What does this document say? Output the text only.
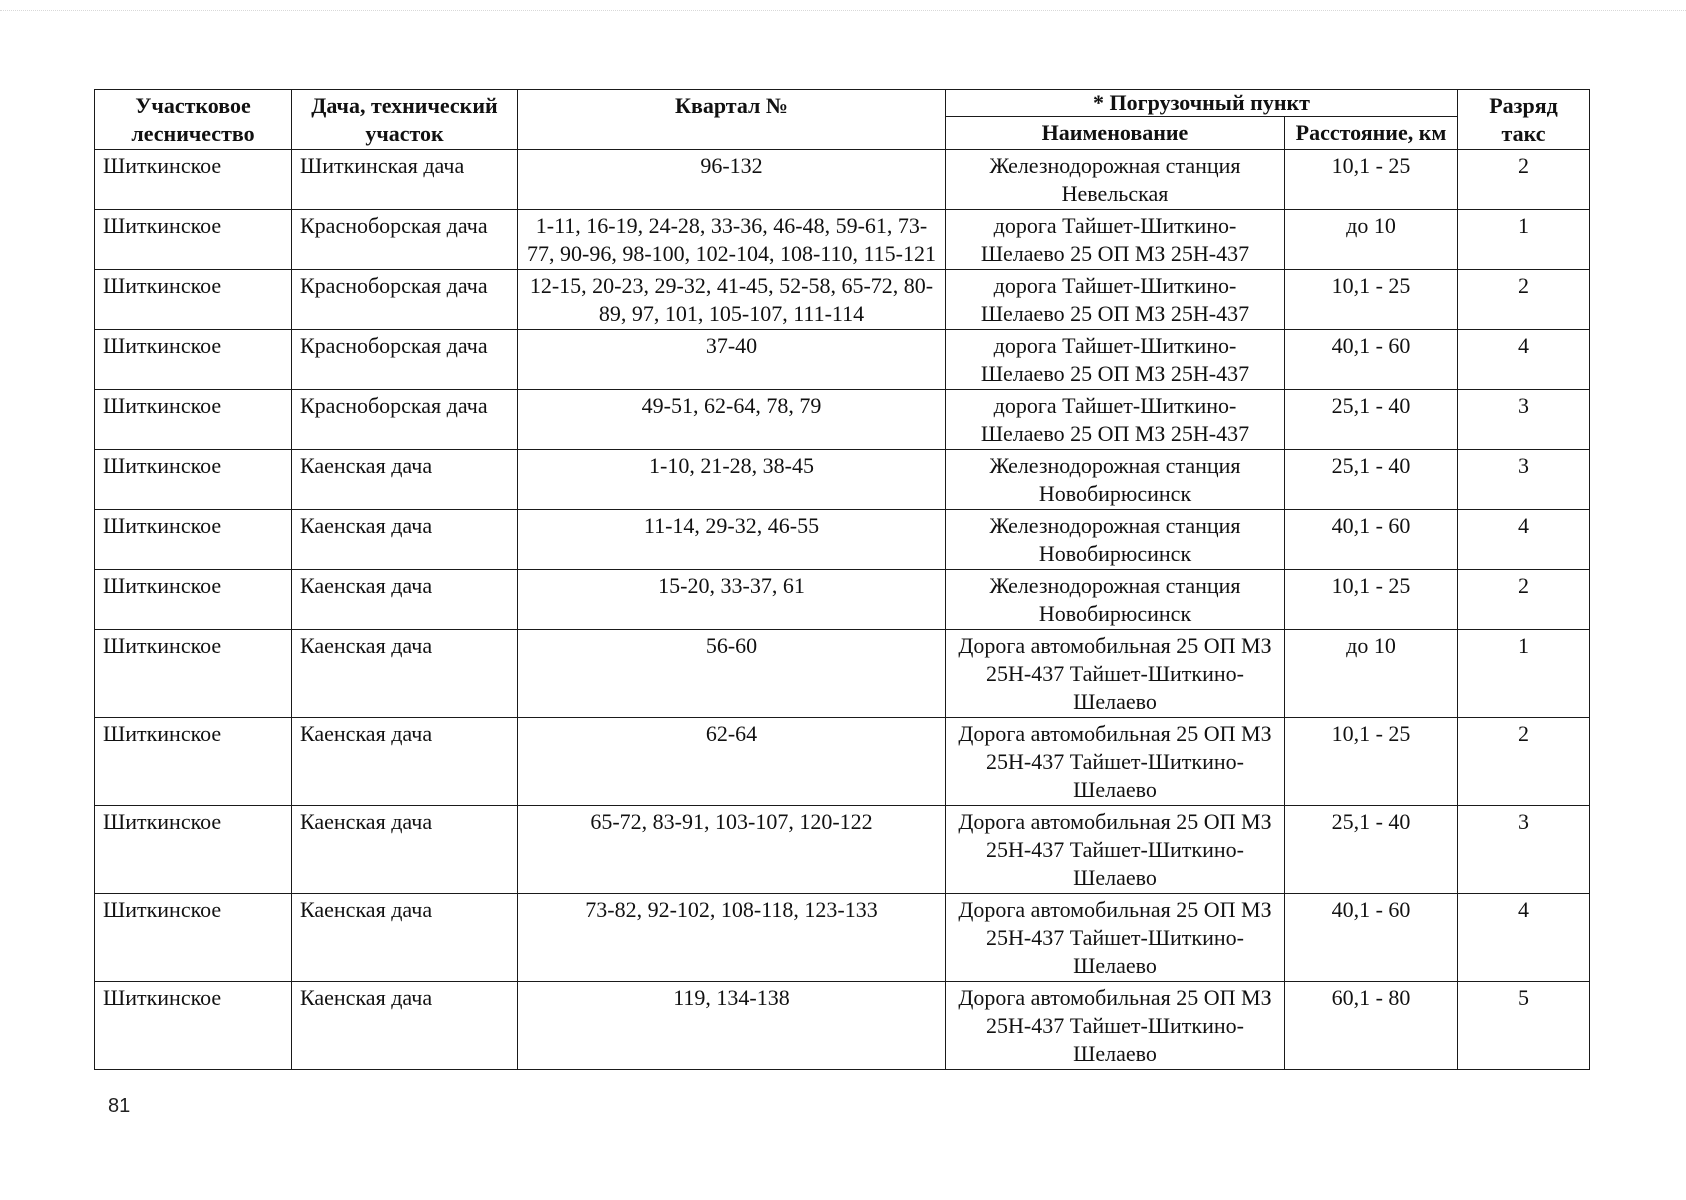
Участковое лесничество	Дача, технический участок	Квартал №	* Погрузочный пункт		Разряд такс
			Наименование	Расстояние, км	
Шиткинское	Шиткинская дача	96-132	Железнодорожная станция Невельская	10,1 - 25	2
Шиткинское	Красноборская дача	1-11, 16-19, 24-28, 33-36, 46-48, 59-61, 73-77, 90-96, 98-100, 102-104, 108-110, 115-121	дорога Тайшет-Шиткино-Шелаево 25 ОП МЗ 25Н-437	до 10	1
Шиткинское	Красноборская дача	12-15, 20-23, 29-32, 41-45, 52-58, 65-72, 80-89, 97, 101, 105-107, 111-114	дорога Тайшет-Шиткино-Шелаево 25 ОП МЗ 25Н-437	10,1 - 25	2
Шиткинское	Красноборская дача	37-40	дорога Тайшет-Шиткино-Шелаево 25 ОП МЗ 25Н-437	40,1 - 60	4
Шиткинское	Красноборская дача	49-51, 62-64, 78, 79	дорога Тайшет-Шиткино-Шелаево 25 ОП МЗ 25Н-437	25,1 - 40	3
Шиткинское	Каенская дача	1-10, 21-28, 38-45	Железнодорожная станция Новобирюсинск	25,1 - 40	3
Шиткинское	Каенская дача	11-14, 29-32, 46-55	Железнодорожная станция Новобирюсинск	40,1 - 60	4
Шиткинское	Каенская дача	15-20, 33-37, 61	Железнодорожная станция Новобирюсинск	10,1 - 25	2
Шиткинское	Каенская дача	56-60	Дорога автомобильная 25 ОП МЗ 25Н-437 Тайшет-Шиткино-Шелаево	до 10	1
Шиткинское	Каенская дача	62-64	Дорога автомобильная 25 ОП МЗ 25Н-437 Тайшет-Шиткино-Шелаево	10,1 - 25	2
Шиткинское	Каенская дача	65-72, 83-91, 103-107, 120-122	Дорога автомобильная 25 ОП МЗ 25Н-437 Тайшет-Шиткино-Шелаево	25,1 - 40	3
Шиткинское	Каенская дача	73-82, 92-102, 108-118, 123-133	Дорога автомобильная 25 ОП МЗ 25Н-437 Тайшет-Шиткино-Шелаево	40,1 - 60	4
Шиткинское	Каенская дача	119, 134-138	Дорога автомобильная 25 ОП МЗ 25Н-437 Тайшет-Шиткино-Шелаево	60,1 - 80	5
81
